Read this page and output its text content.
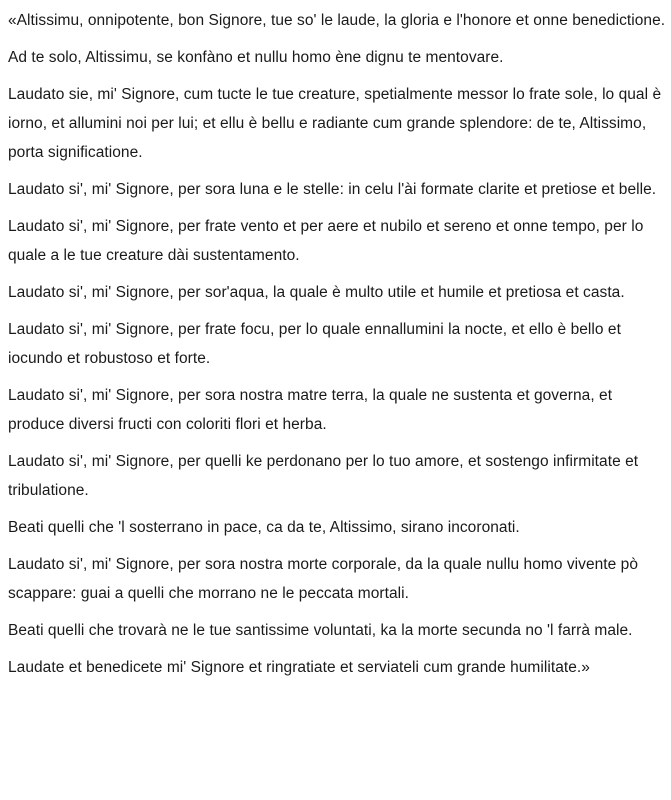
«Altissimu, onnipotente, bon Signore, tue so' le laude, la gloria e l'honore et onne benedictione.

Ad te solo, Altissimu, se konfàno et nullu homo ène dignu te mentovare.

Laudato sie, mi' Signore, cum tucte le tue creature, spetialmente messor lo frate sole, lo qual è iorno, et allumini noi per lui; et ellu è bellu e radiante cum grande splendore: de te, Altissimo, porta significatione.

Laudato si', mi' Signore, per sora luna e le stelle: in celu l'ài formate clarite et pretiose et belle.

Laudato si', mi' Signore, per frate vento et per aere et nubilo et sereno et onne tempo, per lo quale a le tue creature dài sustentamento.

Laudato si', mi' Signore, per sor'aqua, la quale è multo utile et humile et pretiosa et casta.

Laudato si', mi' Signore, per frate focu, per lo quale ennallumini la nocte, et ello è bello et iocundo et robustoso et forte.

Laudato si', mi' Signore, per sora nostra matre terra, la quale ne sustenta et governa, et produce diversi fructi con coloriti flori et herba.

Laudato si', mi' Signore, per quelli ke perdonano per lo tuo amore, et sostengo infirmitate et tribulatione.

Beati quelli che 'l sosterrano in pace, ca da te, Altissimo, sirano incoronati.

Laudato si', mi' Signore, per sora nostra morte corporale, da la quale nullu homo vivente pò scappare: guai a quelli che morrano ne le peccata mortali.

Beati quelli che trovarà ne le tue santissime voluntati, ka la morte secunda no 'l farrà male.

Laudate et benedicete mi' Signore et ringratiate et serviateli cum grande humilitate.»
